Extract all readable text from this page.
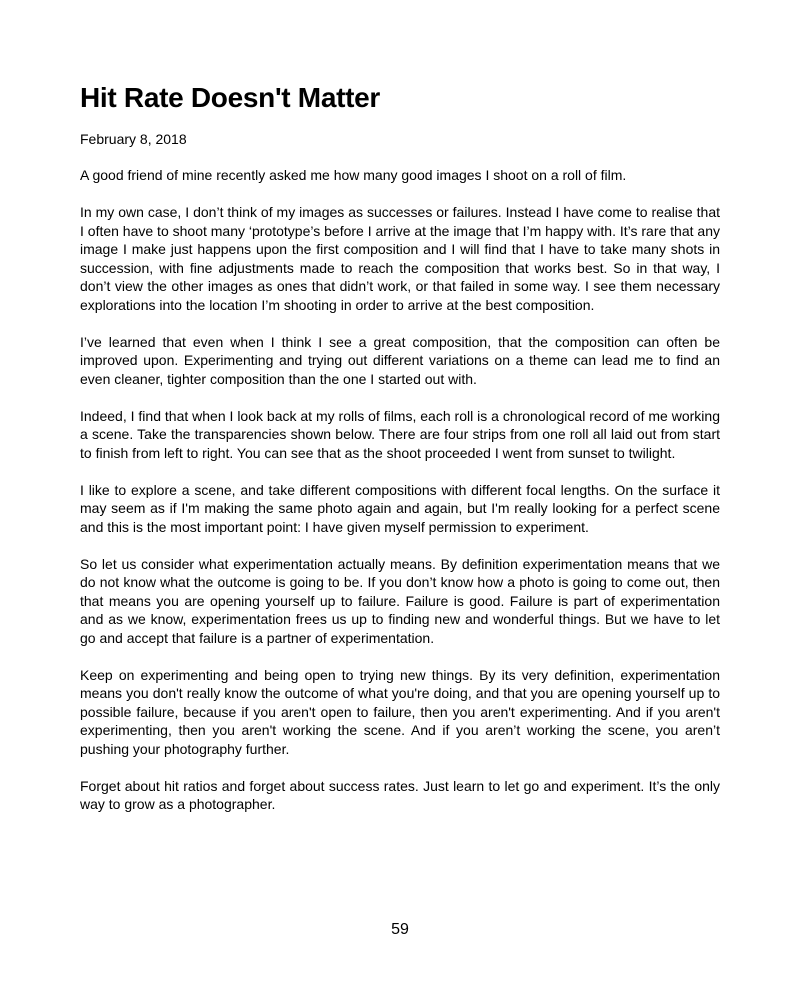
Hit Rate Doesn't Matter
February 8, 2018

A good friend of mine recently asked me how many good images I shoot on a roll of film.

In my own case, I don’t think of my images as successes or failures. Instead I have come to realise that I often have to shoot many ‘prototype’s before I arrive at the image that I’m happy with. It’s rare that any image I make just happens upon the first composition and I will find that I have to take many shots in succession, with fine adjustments made to reach the composition that works best. So in that way, I don’t view the other images as ones that didn’t work, or that failed in some way. I see them necessary explorations into the location I’m shooting in order to arrive at the best composition.

I’ve learned that even when I think I see a great composition, that the composition can often be improved upon. Experimenting and trying out different variations on a theme can lead me to find an even cleaner, tighter composition than the one I started out with.

Indeed, I find that when I look back at my rolls of films, each roll is a chronological record of me working a scene. Take the transparencies shown below. There are four strips from one roll all laid out from start to finish from left to right. You can see that as the shoot proceeded I went from sunset to twilight.

I like to explore a scene, and take different compositions with different focal lengths. On the surface it may seem as if I'm making the same photo again and again, but I'm really looking for a perfect scene and this is the most important point: I have given myself permission to experiment.

So let us consider what experimentation actually means. By definition experimentation means that we do not know what the outcome is going to be. If you don’t know how a photo is going to come out, then that means you are opening yourself up to failure. Failure is good. Failure is part of experimentation and as we know, experimentation frees us up to finding new and wonderful things. But we have to let go and accept that failure is a partner of experimentation.

Keep on experimenting and being open to trying new things. By its very definition, experimentation means you don't really know the outcome of what you're doing, and that you are opening yourself up to possible failure, because if you aren't open to failure, then you aren't experimenting. And if you aren't experimenting, then you aren't working the scene. And if you aren’t working the scene, you aren’t pushing your photography further.

Forget about hit ratios and forget about success rates. Just learn to let go and experiment. It’s the only way to grow as a photographer.

59
